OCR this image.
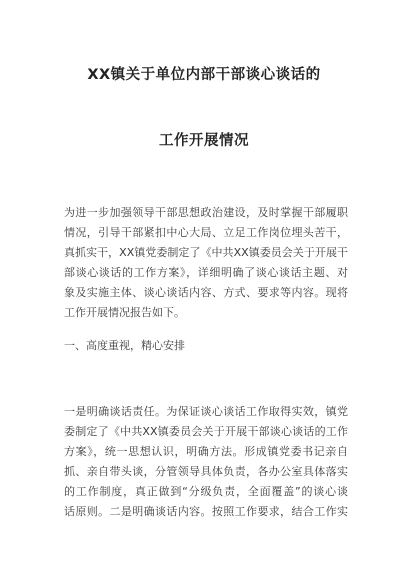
XX镇关于单位内部干部谈心谈话的
工作开展情况
为进一步加强领导干部思想政治建设，及时掌握干部履职
情况，引导干部紧扣中心大局、立足工作岗位埋头苦干，
真抓实干，XX镇党委制定了《中共XX镇委员会关于开展干
部谈心谈话的工作方案》，详细明确了谈心谈话主题、对
象及实施主体、谈心谈话内容、方式、要求等内容。现将
工作开展情况报告如下。
一、高度重视，精心安排
一是明确谈话责任。为保证谈心谈话工作取得实效，镇党
委制定了《中共XX镇委员会关于开展干部谈心谈话的工作
方案》，统一思想认识，明确方法。形成镇党委书记亲自
抓、亲自带头谈，分管领导具体负责，各办公室具体落实
的工作制度，真正做到“分级负责，全面覆盖”的谈心谈
话原则。二是明确谈话内容。按照工作要求，结合工作实
